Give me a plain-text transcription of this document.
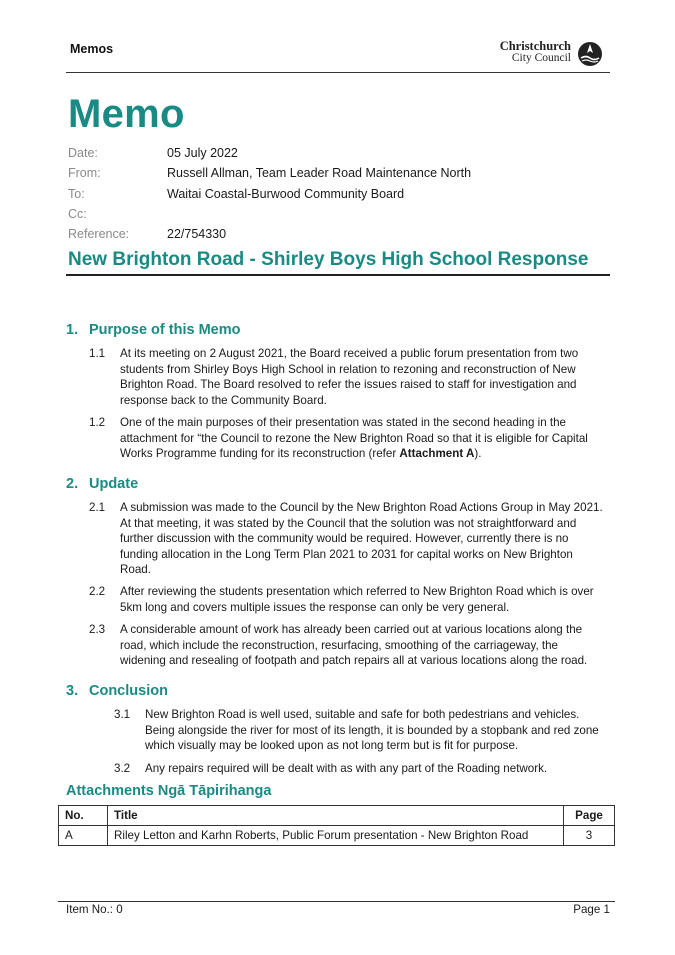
Memos	Christchurch
City Council
Memo
Date:	05 July 2022
From:	Russell Allman, Team Leader Road Maintenance North
To:	Waitai Coastal-Burwood Community Board
Cc:
Reference:	22/754330
New Brighton Road - Shirley Boys High School Response
1. Purpose of this Memo
1.1 At its meeting on 2 August 2021, the Board received a public forum presentation from two
students from Shirley Boys High School in relation to rezoning and reconstruction of New
Brighton Road. The Board resolved to refer the issues raised to staff for investigation and
response back to the Community Board.
1.2 One of the main purposes of their presentation was stated in the second heading in the
attachment for “the Council to rezone the New Brighton Road so that it is eligible for Capital
Works Programme funding for its reconstruction (refer Attachment A).
2. Update
2.1 A submission was made to the Council by the New Brighton Road Actions Group in May 2021.
At that meeting, it was stated by the Council that the solution was not straightforward and
further discussion with the community would be required. However, currently there is no
funding allocation in the Long Term Plan 2021 to 2031 for capital works on New Brighton
Road.
2.2 After reviewing the students presentation which referred to New Brighton Road which is over
5km long and covers multiple issues the response can only be very general.
2.3 A considerable amount of work has already been carried out at various locations along the
road, which include the reconstruction, resurfacing, smoothing of the carriageway, the
widening and resealing of footpath and patch repairs all at various locations along the road.
3. Conclusion
3.1 New Brighton Road is well used, suitable and safe for both pedestrians and vehicles.
Being alongside the river for most of its length, it is bounded by a stopbank and red zone
which visually may be looked upon as not long term but is fit for purpose.
3.2 Any repairs required will be dealt with as with any part of the Roading network.
Attachments Ngā Tāpirihanga
No.	Title	Page
A	Riley Letton and Karhn Roberts, Public Forum presentation - New Brighton Road	3
Item No.: 0	Page 1
